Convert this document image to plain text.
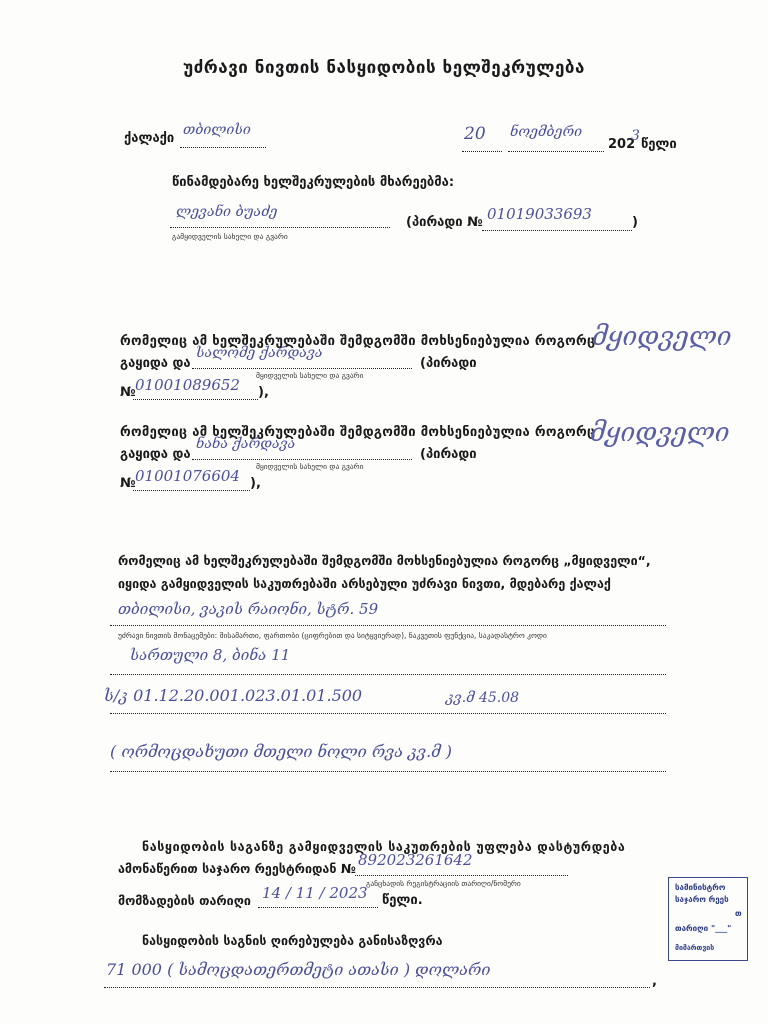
უძრავი ნივთის ნასყიდობის ხელშეკრულება
ქალაქი
თბილისი	20 ნოემბერი
202
3
წელი
წინამდებარე ხელშეკრულების მხარეებმა:
ლევანი ბუაძე
გამყიდველის სახელი და გვარი
(პირადი № 01019033693	)
რომელიც ამ ხელშეკრულებაში შემდგომში მოხსენიებულია როგორც
მყიდველი
გაყიდა და
სალომე ქარდავა
მყიდველის სახელი და გვარი
(პირადი
№ 01001089652 ),
რომელიც ამ ხელშეკრულებაში შემდგომში მოხსენიებულია როგორც
მყიდველი
გაყიდა და
ნანა ქარდავა
მყიდველის სახელი და გვარი
(პირადი
№ 01001076604 ),
რომელიც ამ ხელშეკრულებაში შემდგომში მოხსენიებულია როგორც „მყიდველი“,
იყიდა გამყიდველის საკუთრებაში არსებული უძრავი ნივთი, მდებარე ქალაქ
თბილისი, ვაკის რაიონი, სტრ. 59
უძრავი ნივთის მონაცემები: მისამართი, ფართობი (ციფრებით და სიტყვიერად), ნაკვეთის ფუნქცია, საკადასტრო კოდი
სართული 8, ბინა 11
ს/კ 01.12.20.001.023.01.01.500	კვ.მ 45.08
( ორმოცდახუთი მთელი ნოლი რვა კვ.მ )
ნასყიდობის საგანზე გამყიდველის საკუთრების უფლება დასტურდება
ამონაწერით საჯარო რეესტრიდან № 892023261642
განცხადის რეგისტრაციის თარიღი/ნომერი
მომზადების თარიღი 14 / 11 / 2023 წელი.
ნასყიდობის საგნის ღირებულება განისაზღვრა
71 000 ( სამოცდათერთმეტი ათასი ) დოლარი
,
სამინისტრო
საჯარო რეეს
თ
თარიღი "___"
მიმართვის
